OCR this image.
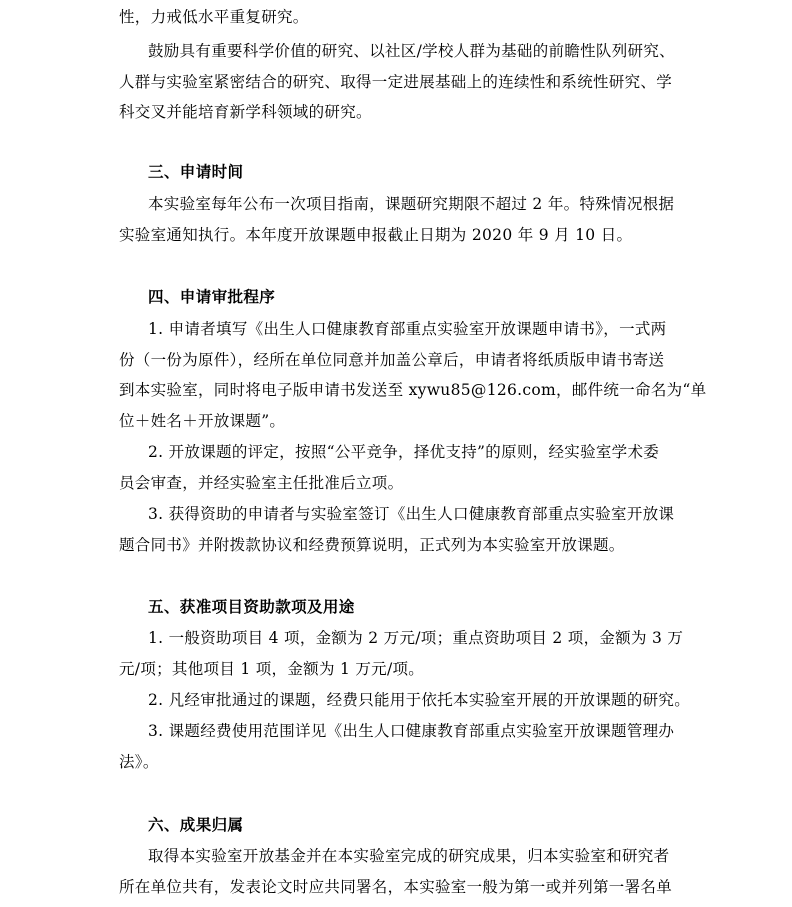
性，力戒低水平重复研究。
鼓励具有重要科学价值的研究、以社区/学校人群为基础的前瞻性队列研究、
人群与实验室紧密结合的研究、取得一定进展基础上的连续性和系统性研究、学
科交叉并能培育新学科领域的研究。
三、申请时间
本实验室每年公布一次项目指南，课题研究期限不超过 2 年。特殊情况根据
实验室通知执行。本年度开放课题申报截止日期为 2020 年 9 月 10 日。
四、申请审批程序
1. 申请者填写《出生人口健康教育部重点实验室开放课题申请书》，一式两
份（一份为原件），经所在单位同意并加盖公章后，申请者将纸质版申请书寄送
到本实验室，同时将电子版申请书发送至 xywu85@126.com，邮件统一命名为“单
位＋姓名＋开放课题”。
2. 开放课题的评定，按照“公平竞争，择优支持”的原则，经实验室学术委
员会审查，并经实验室主任批准后立项。
3. 获得资助的申请者与实验室签订《出生人口健康教育部重点实验室开放课
题合同书》并附拨款协议和经费预算说明，正式列为本实验室开放课题。
五、获准项目资助款项及用途
1. 一般资助项目 4 项，金额为 2 万元/项；重点资助项目 2 项，金额为 3 万
元/项；其他项目 1 项，金额为 1 万元/项。
2. 凡经审批通过的课题，经费只能用于依托本实验室开展的开放课题的研究。
3. 课题经费使用范围详见《出生人口健康教育部重点实验室开放课题管理办
法》。
六、成果归属
取得本实验室开放基金并在本实验室完成的研究成果，归本实验室和研究者
所在单位共有，发表论文时应共同署名，本实验室一般为第一或并列第一署名单
